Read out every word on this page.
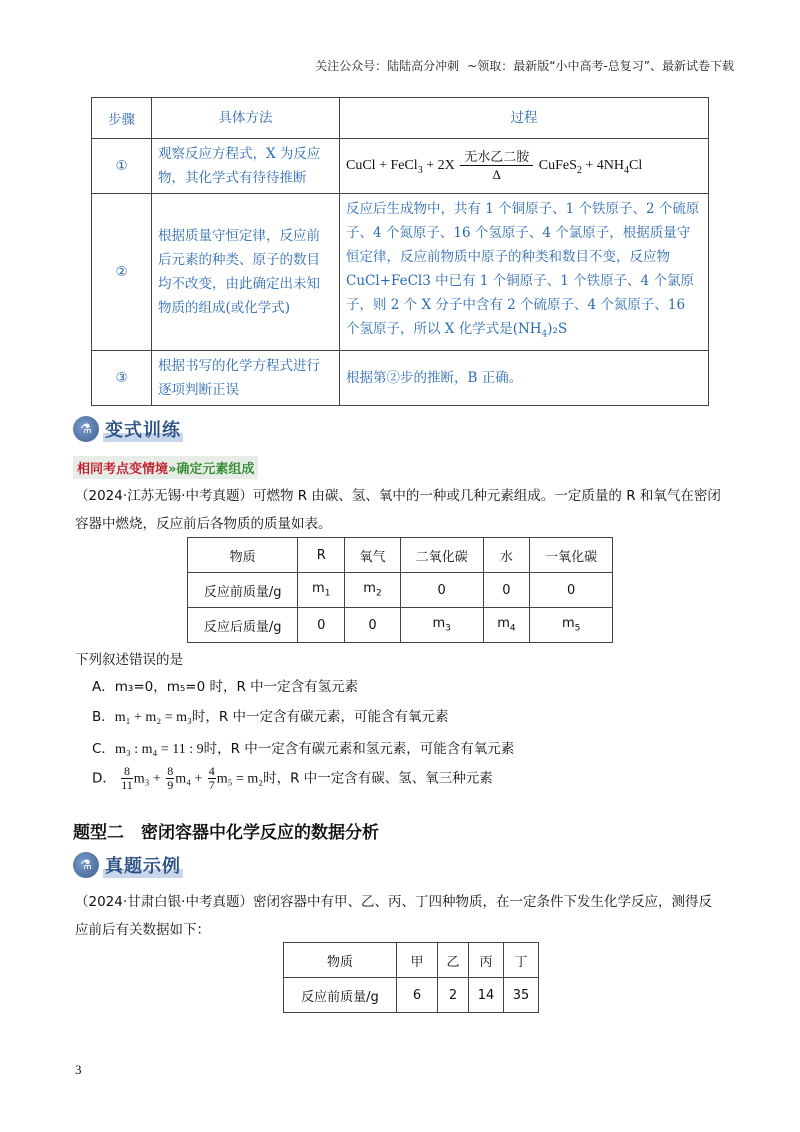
关注公众号：陆陆高分冲刺 ~领取：最新版“小中高考-总复习”、最新试卷下载
步骤	具体方法	过程
①	观察反应方程式，X 为反应物，其化学式有待待推断	CuCl + FeCl$_3$ + $2X \frac{\text{无水乙二胺}}{\Delta}$ CuFeS$_2$ + $4NH_4Cl$
②	根据质量守恒定律，反应前后元素的种类、原子的数目均不改变，由此确定出未知物质的组成(或化学式)	反应后生成物中，共有 1 个铜原子、1 个铁原子、2 个硫原子、4 个氮原子、16 个氢原子、4 个氯原子，根据质量守恒定律，反应前物质中原子的种类和数目不变，反应物 CuCl+FeCl3 中已有 1 个铜原子、1 个铁原子、4 个氯原子，则 2 个 X 分子中含有 2 个硫原子、4 个氮原子、16 个氢原子，所以 X 化学式是$(NH_4)_2S$
③	根据书写的化学方程式进行逐项判断正误	根据第②步的推断，B 正确。
⚗ 变式训练
相同考点变情境»确定元素组成
（2024·江苏无锡·中考真题）可燃物 R 由碳、氢、氧中的一种或几种元素组成。一定质量的 R 和氧气在密闭容器中燃烧，反应前后各物质的质量如表。
物质	R	氧气	二氧化碳	水	一氧化碳
反应前质量/g	$m_1$	$m_2$	0	0	0
反应后质量/g	0	0	$m_3$	$m_4$	$m_5$
下列叙述错误的是
A．m₃=0，m₅=0 时，R 中一定含有氢元素
B．m₁ + m₂ = m₃时，R 中一定含有碳元素，可能含有氧元素
C．m₃ : m₄ = 11 : 9时，R 中一定含有碳元素和氢元素，可能含有氧元素
D． $\frac{8}{11} m_3 + \frac{8}{9} m_4 + \frac{4}{7} m_5 = m_2$时，R 中一定含有碳、氢、氧三种元素
题型二　密闭容器中化学反应的数据分析
⚗ 真题示例
（2024·甘肃白银·中考真题）密闭容器中有甲、乙、丙、丁四种物质，在一定条件下发生化学反应，测得反应前后有关数据如下：
物质	甲	乙	丙	丁
反应前质量/g	6	2	14	35
3
